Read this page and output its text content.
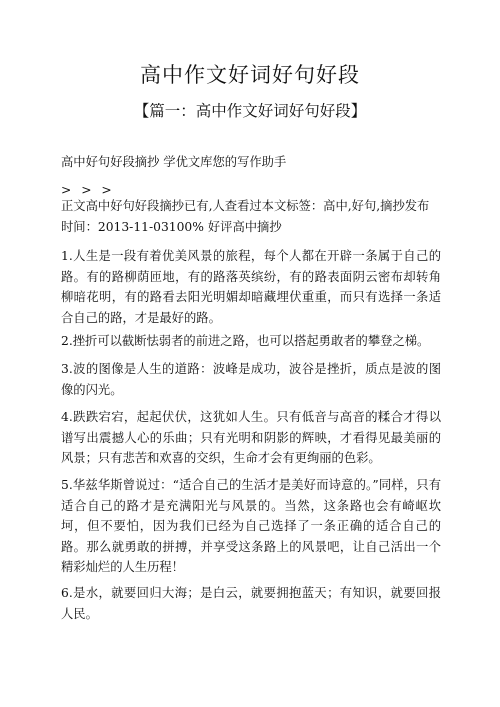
高中作文好词好句好段
【篇一：高中作文好词好句好段】
高中好句好段摘抄 学优文库您的写作助手
> > >
正文高中好句好段摘抄已有,人查看过本文标签：高中,好句,摘抄发布时间：2013-11-03100% 好评高中摘抄
1.人生是一段有着优美风景的旅程，每个人都在开辟一条属于自己的路。有的路柳荫匝地，有的路落英缤纷，有的路表面阴云密布却转角柳暗花明，有的路看去阳光明媚却暗藏埋伏重重，而只有选择一条适合自己的路，才是最好的路。
2.挫折可以截断怯弱者的前进之路，也可以搭起勇敢者的攀登之梯。
3.波的图像是人生的道路：波峰是成功，波谷是挫折，质点是波的图像的闪光。
4.跌跌宕宕，起起伏伏，这犹如人生。只有低音与高音的糅合才得以谱写出震撼人心的乐曲；只有光明和阴影的辉映，才看得见最美丽的风景；只有悲苦和欢喜的交织，生命才会有更绚丽的色彩。
5.华兹华斯曾说过：“适合自己的生活才是美好而诗意的。”同样，只有适合自己的路才是充满阳光与风景的。当然，这条路也会有崎岖坎坷，但不要怕，因为我们已经为自己选择了一条正确的适合自己的路。那么就勇敢的拼搏，并享受这条路上的风景吧，让自己活出一个精彩灿烂的人生历程！
6.是水，就要回归大海；是白云，就要拥抱蓝天；有知识，就要回报人民。
